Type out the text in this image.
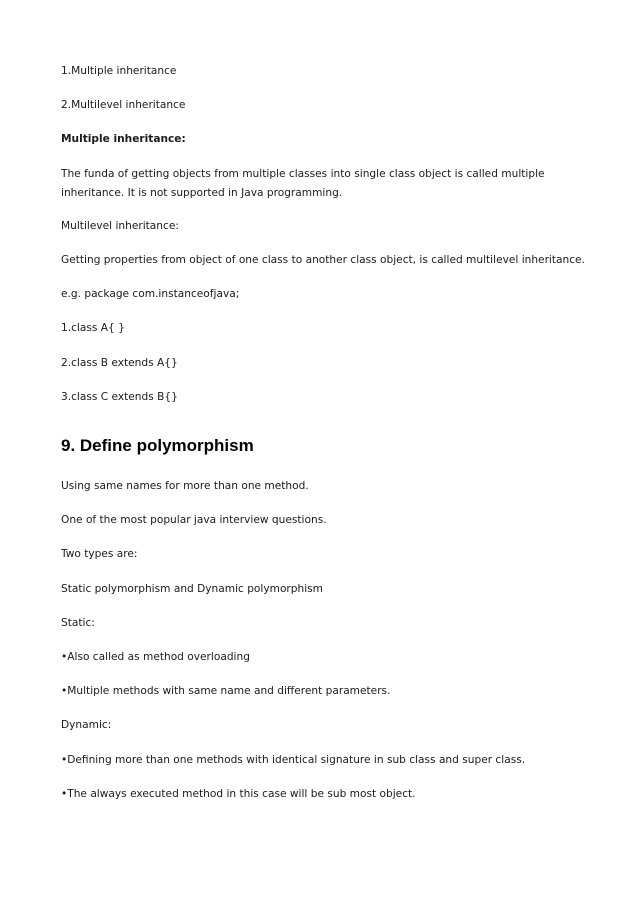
1.Multiple inheritance
2.Multilevel inheritance
Multiple inheritance:
The funda of getting objects from multiple classes into single class object is called multiple inheritance. It is not supported in Java programming.
Multilevel inheritance:
Getting properties from object of one class to another class object, is called multilevel inheritance.
e.g. package com.instanceofjava;
1.class A{ }
2.class B extends A{}
3.class C extends B{}
9. Define polymorphism
Using same names for more than one method.
One of the most popular java interview questions.
Two types are:
Static polymorphism and Dynamic polymorphism
Static:
•Also called as method overloading
•Multiple methods with same name and different parameters.
Dynamic:
•Defining more than one methods with identical signature in sub class and super class.
•The always executed method in this case will be sub most object.
